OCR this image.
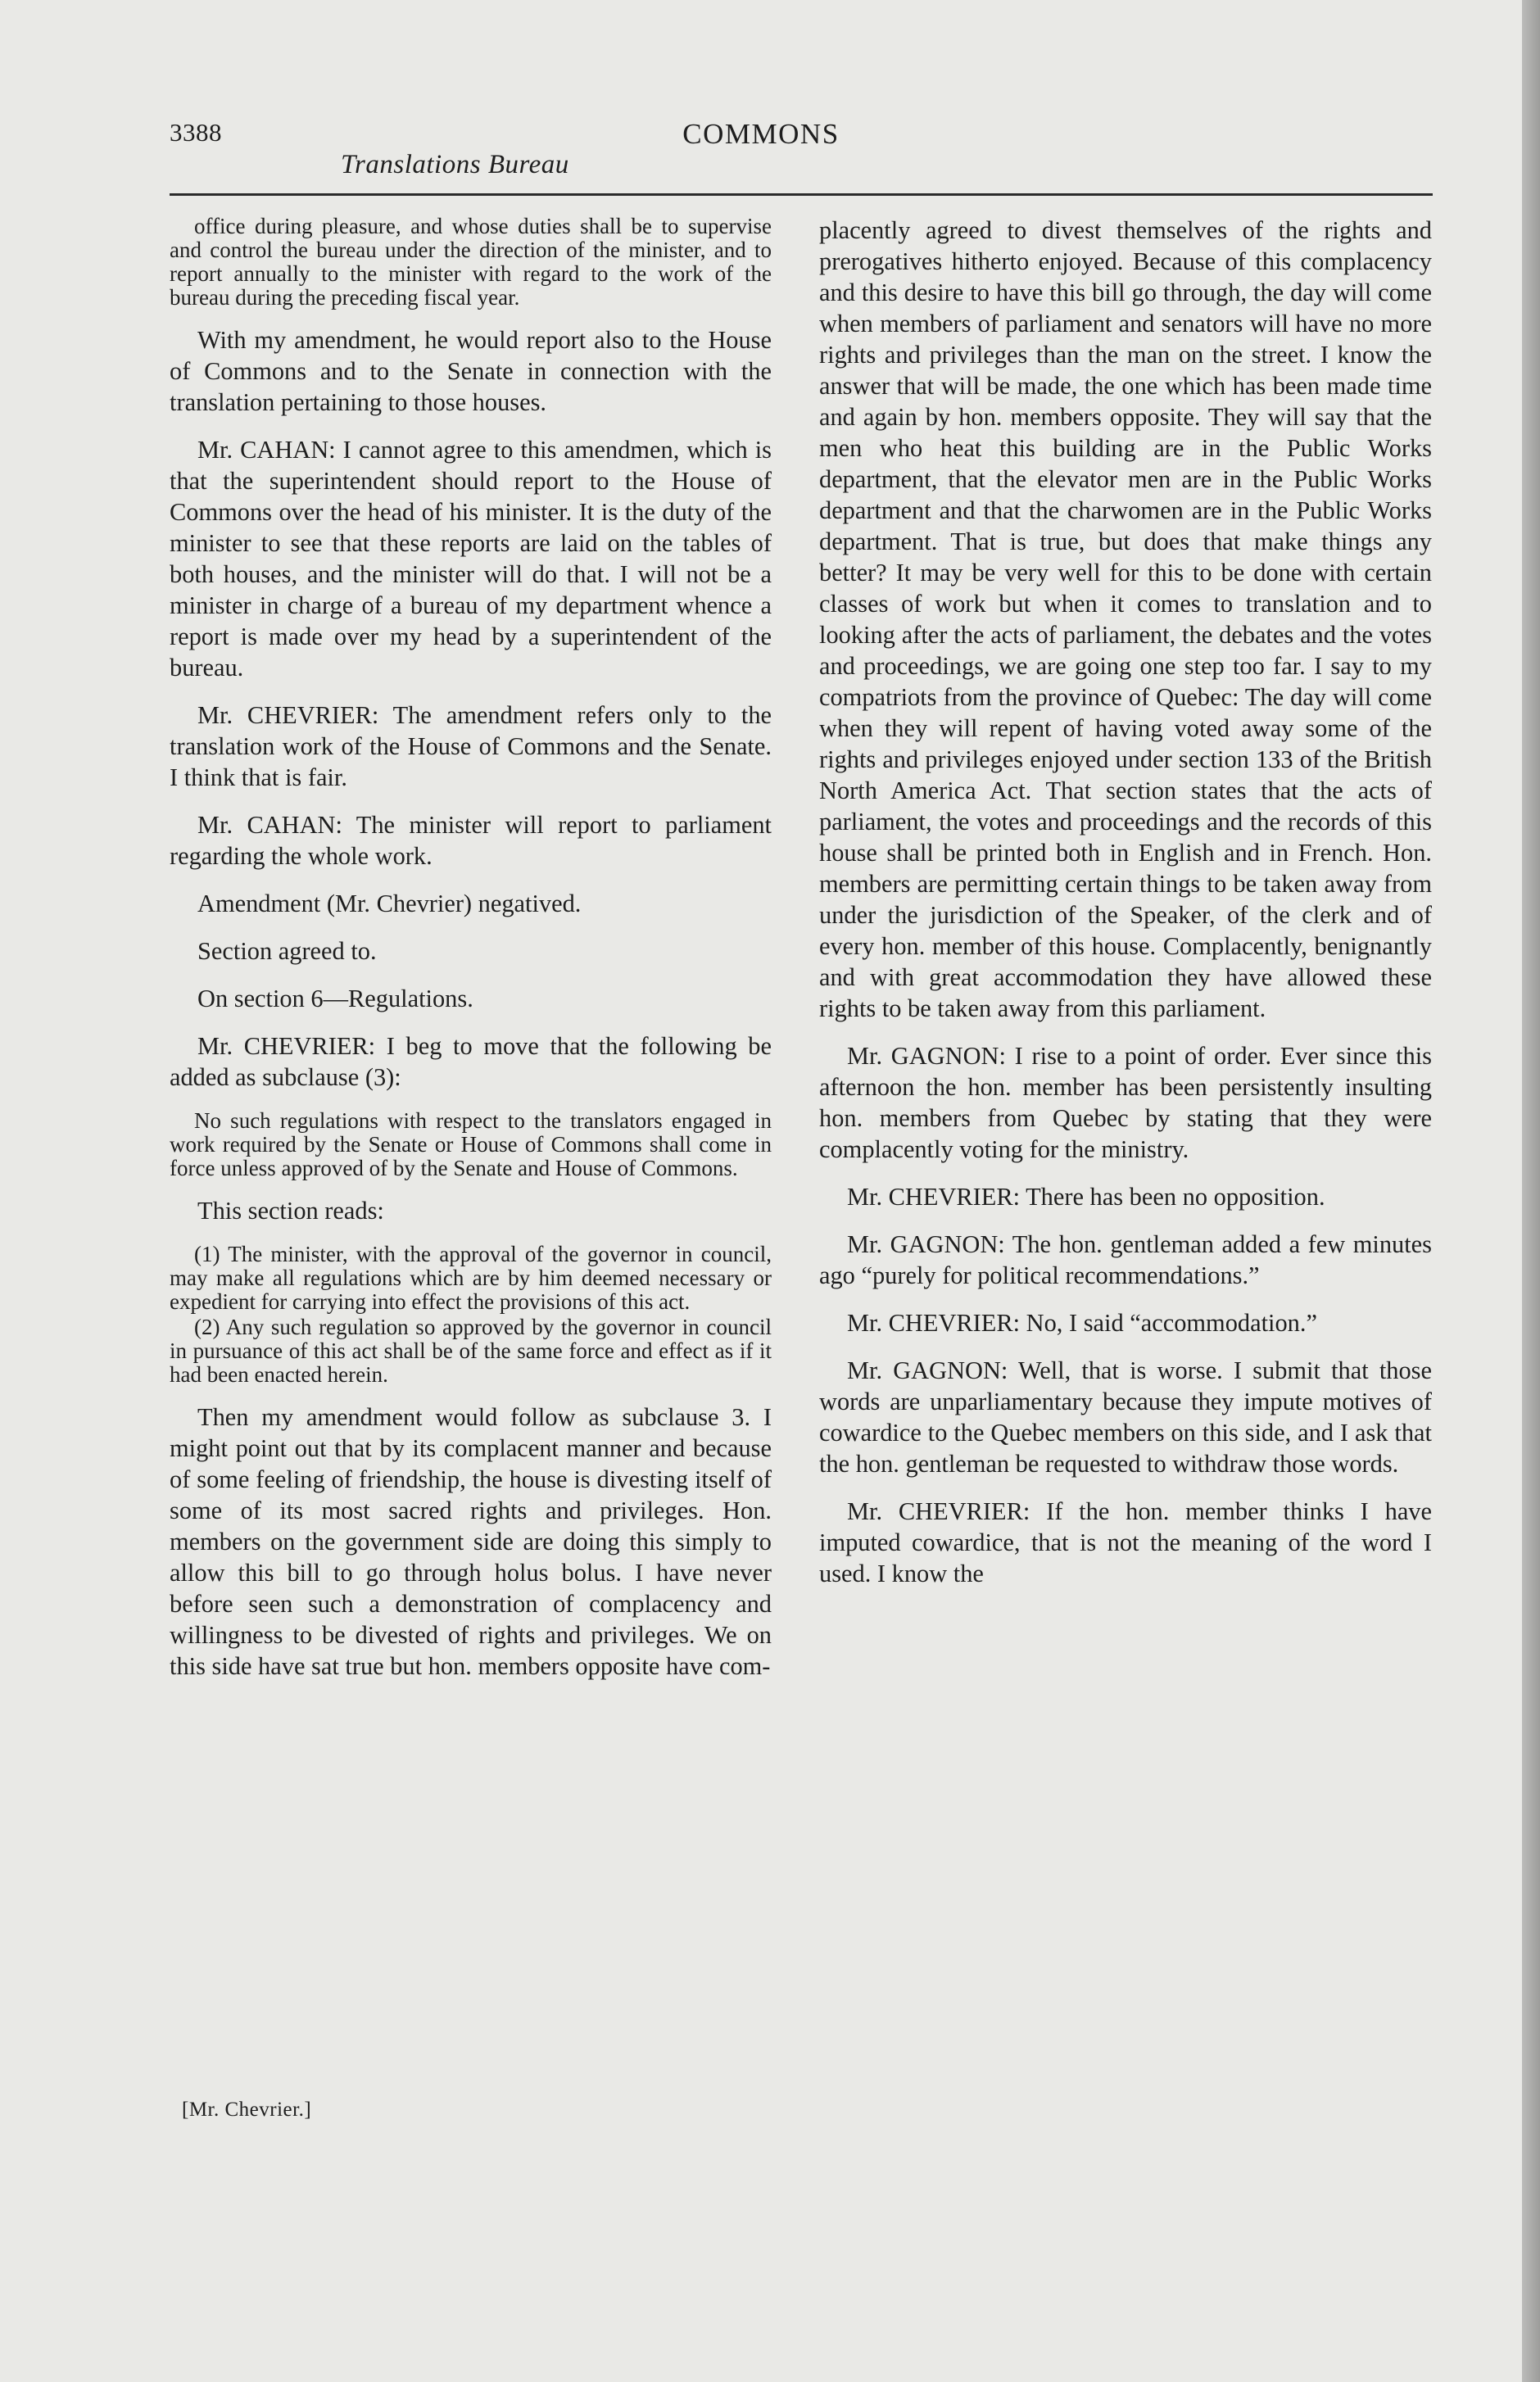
3388	COMMONS
Translations Bureau

office during pleasure, and whose duties shall be to supervise and control the bureau under the direction of the minister, and to report annually to the minister with regard to the work of the bureau during the preceding fiscal year.

With my amendment, he would report also to the House of Commons and to the Senate in connection with the translation pertaining to those houses.

Mr. CAHAN: I cannot agree to this amendmen, which is that the superintendent should report to the House of Commons over the head of his minister. It is the duty of the minister to see that these reports are laid on the tables of both houses, and the minister will do that. I will not be a minister in charge of a bureau of my department whence a report is made over my head by a superintendent of the bureau.

Mr. CHEVRIER: The amendment refers only to the translation work of the House of Commons and the Senate. I think that is fair.

Mr. CAHAN: The minister will report to parliament regarding the whole work.

Amendment (Mr. Chevrier) negatived.

Section agreed to.

On section 6—Regulations.

Mr. CHEVRIER: I beg to move that the following be added as subclause (3):

No such regulations with respect to the translators engaged in work required by the Senate or House of Commons shall come in force unless approved of by the Senate and House of Commons.

This section reads:

(1) The minister, with the approval of the governor in council, may make all regulations which are by him deemed necessary or expedient for carrying into effect the provisions of this act.

(2) Any such regulation so approved by the governor in council in pursuance of this act shall be of the same force and effect as if it had been enacted herein.

Then my amendment would follow as subclause 3. I might point out that by its complacent manner and because of some feeling of friendship, the house is divesting itself of some of its most sacred rights and privileges. Hon. members on the government side are doing this simply to allow this bill to go through holus bolus. I have never before seen such a demonstration of complacency and willingness to be divested of rights and privileges. We on this side have sat true but hon. members opposite have com-

placently agreed to divest themselves of the rights and prerogatives hitherto enjoyed. Because of this complacency and this desire to have this bill go through, the day will come when members of parliament and senators will have no more rights and privileges than the man on the street. I know the answer that will be made, the one which has been made time and again by hon. members opposite. They will say that the men who heat this building are in the Public Works department, that the elevator men are in the Public Works department and that the charwomen are in the Public Works department. That is true, but does that make things any better? It may be very well for this to be done with certain classes of work but when it comes to translation and to looking after the acts of parliament, the debates and the votes and proceedings, we are going one step too far. I say to my compatriots from the province of Quebec: The day will come when they will repent of having voted away some of the rights and privileges enjoyed under section 133 of the British North America Act. That section states that the acts of parliament, the votes and proceedings and the records of this house shall be printed both in English and in French. Hon. members are permitting certain things to be taken away from under the jurisdiction of the Speaker, of the clerk and of every hon. member of this house. Complacently, benignantly and with great accommodation they have allowed these rights to be taken away from this parliament.

Mr. GAGNON: I rise to a point of order. Ever since this afternoon the hon. member has been persistently insulting hon. members from Quebec by stating that they were complacently voting for the ministry.

Mr. CHEVRIER: There has been no opposition.

Mr. GAGNON: The hon. gentleman added a few minutes ago “purely for political recommendations.”

Mr. CHEVRIER: No, I said “accommodation.”

Mr. GAGNON: Well, that is worse. I submit that those words are unparliamentary because they impute motives of cowardice to the Quebec members on this side, and I ask that the hon. gentleman be requested to withdraw those words.

Mr. CHEVRIER: If the hon. member thinks I have imputed cowardice, that is not the meaning of the word I used. I know the

[Mr. Chevrier.]
